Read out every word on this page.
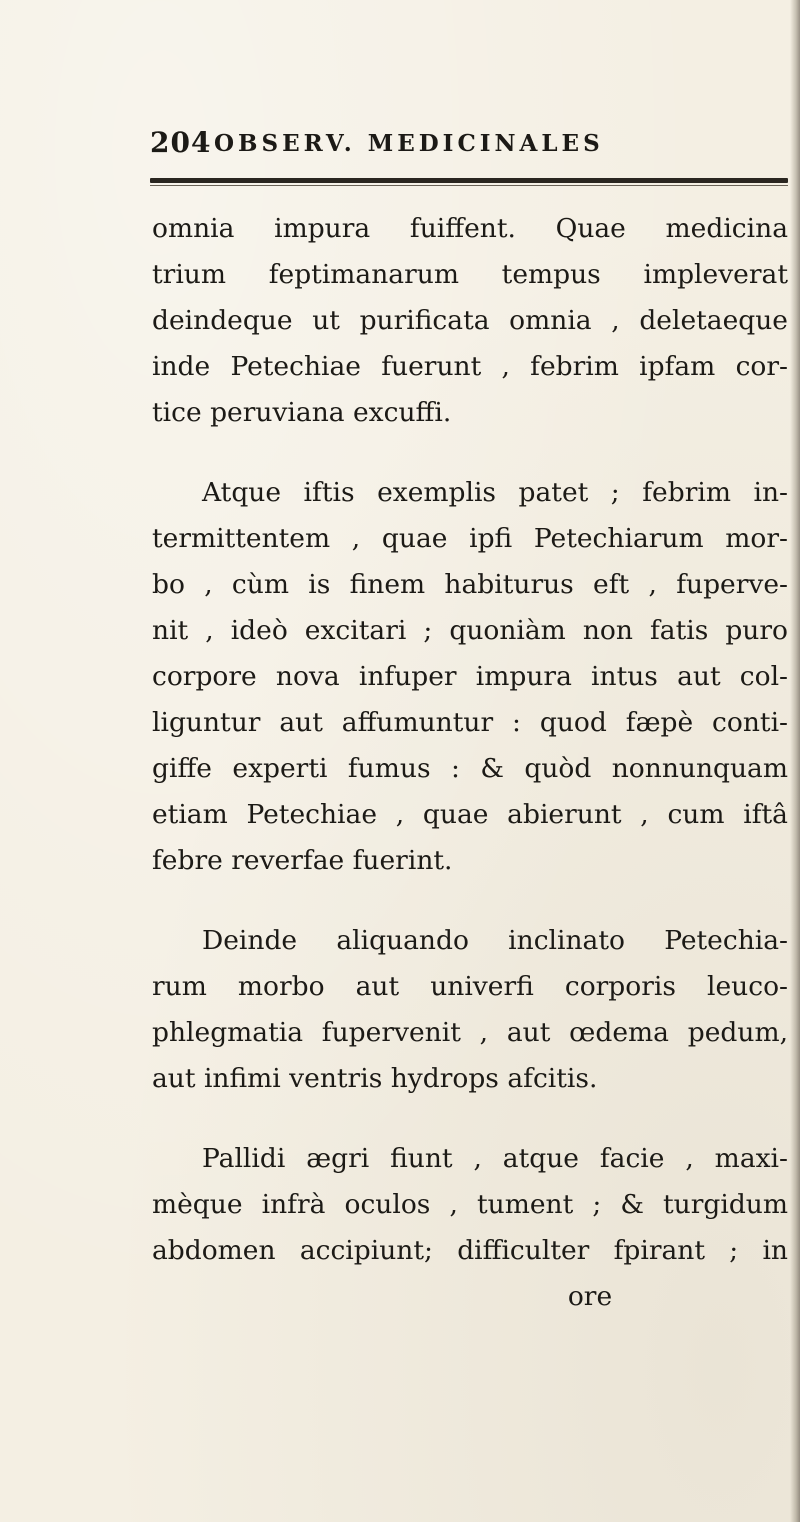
204 OBSERV. MEDICINALES
omnia impura fuiffent. Quae medicina
trium feptimanarum tempus impleverat
deindeque ut purificata omnia , deletaeque
inde Petechiae fuerunt , febrim ipfam cor-
tice peruviana excuffi.
Atque iftis exemplis patet ; febrim in-
termittentem , quae ipfi Petechiarum mor-
bo , cùm is finem habiturus eft , fuperve-
nit , ideò excitari ; quoniàm non fatis puro
corpore nova infuper impura intus aut col-
liguntur aut affumuntur : quod fæpè conti-
giffe experti fumus : & quòd nonnunquam
etiam Petechiae , quae abierunt , cum iftâ
febre reverfae fuerint.
Deinde aliquando inclinato Petechia-
rum morbo aut univerfi corporis leuco-
phlegmatia fupervenit , aut œdema pedum,
aut infimi ventris hydrops afcitis.
Pallidi ægri fiunt , atque facie , maxi-
mèque infrà oculos , tument ; & turgidum
abdomen accipiunt; difficulter fpirant ; in
ore
